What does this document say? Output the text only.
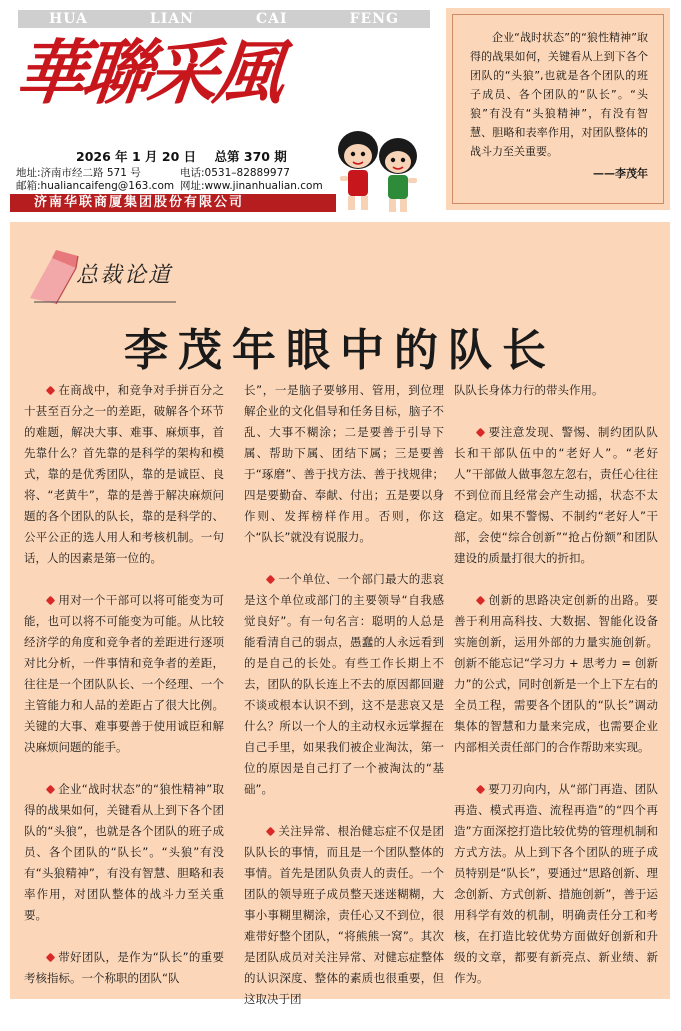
HUA	LIAN	CAI	FENG
華聯采風
2026 年 1 月 20 日 总第 370 期
地址:济南市经二路 571 号
邮箱:hualiancaifeng@163.com
电话:0531–82889977
网址:www.jinanhualian.com
济南华联商厦集团股份有限公司

企业“战时状态”的“狼性精神”取得的战果如何，关键看从上到下各个团队的“头狼”,也就是各个团队的班子成员、各个团队的“队长”。“头狼”有没有“头狼精神”，有没有智慧、胆略和表率作用，对团队整体的战斗力至关重要。

——李茂年
总裁论道
李茂年眼中的队长

在商战中，和竞争对手拼百分之十甚至百分之一的差距，破解各个环节的难题，解决大事、难事、麻烦事，首先靠什么？首先靠的是科学的架构和模式，靠的是优秀团队，靠的是诚臣、良将、“老黄牛”，靠的是善于解决麻烦问题的各个团队的队长，靠的是科学的、公平公正的选人用人和考核机制。一句话，人的因素是第一位的。

用对一个干部可以将可能变为可能，也可以将不可能变为可能。从比较经济学的角度和竞争者的差距进行逐项对比分析，一件事情和竞争者的差距，往往是一个团队队长、一个经理、一个主管能力和人品的差距占了很大比例。关键的大事、难事要善于使用诚臣和解决麻烦问题的能手。

企业“战时状态”的“狼性精神”取得的战果如何，关键看从上到下各个团队的“头狼”，也就是各个团队的班子成员、各个团队的“队长”。“头狼”有没有“头狼精神”，有没有智慧、胆略和表率作用，对团队整体的战斗力至关重要。

带好团队，是作为“队长”的重要考核指标。一个称职的团队“队

长”，一是脑子要够用、管用，到位理解企业的文化倡导和任务目标，脑子不乱、大事不糊涂；二是要善于引导下属、帮助下属、团结下属；三是要善于“琢磨”、善于找方法、善于找规律；四是要勤奋、奉献、付出；五是要以身作则、发挥榜样作用。否则，你这个“队长”就没有说服力。

一个单位、一个部门最大的悲哀是这个单位或部门的主要领导“自我感觉良好”。有一句名言：聪明的人总是能看清自己的弱点，愚蠢的人永远看到的是自己的长处。有些工作长期上不去，团队的队长连上不去的原因都回避不谈或根本认识不到，这不是悲哀又是什么？所以一个人的主动权永远掌握在自己手里，如果我们被企业淘汰，第一位的原因是自己打了一个被淘汰的“基础”。

关注异常、根治健忘症不仅是团队队长的事情，而且是一个团队整体的事情。首先是团队负责人的责任。一个团队的领导班子成员整天迷迷糊糊，大事小事糊里糊涂，责任心又不到位，很难带好整个团队，“将熊熊一窝”。其次是团队成员对关注异常、对健忘症整体的认识深度、整体的素质也很重要，但这取决于团

队队长身体力行的带头作用。

要注意发现、警惕、制约团队队长和干部队伍中的“老好人”。“老好人”干部做人做事忽左忽右，责任心往往不到位而且经常会产生动摇，状态不太稳定。如果不警惕、不制约“老好人”干部，会使“综合创新”“抢占份额”和团队建设的质量打很大的折扣。

创新的思路决定创新的出路。要善于利用高科技、大数据、智能化设备实施创新，运用外部的力量实施创新。创新不能忘记“学习力 + 思考力 = 创新力”的公式，同时创新是一个上下左右的全员工程，需要各个团队的“队长”调动集体的智慧和力量来完成，也需要企业内部相关责任部门的合作帮助来实现。

要刀刃向内，从“部门再造、团队再造、模式再造、流程再造”的“四个再造”方面深挖打造比较优势的管理机制和方式方法。从上到下各个团队的班子成员特别是“队长”，要通过“思路创新、理念创新、方式创新、措施创新”，善于运用科学有效的机制，明确责任分工和考核，在打造比较优势方面做好创新和升级的文章，都要有新亮点、新业绩、新作为。
